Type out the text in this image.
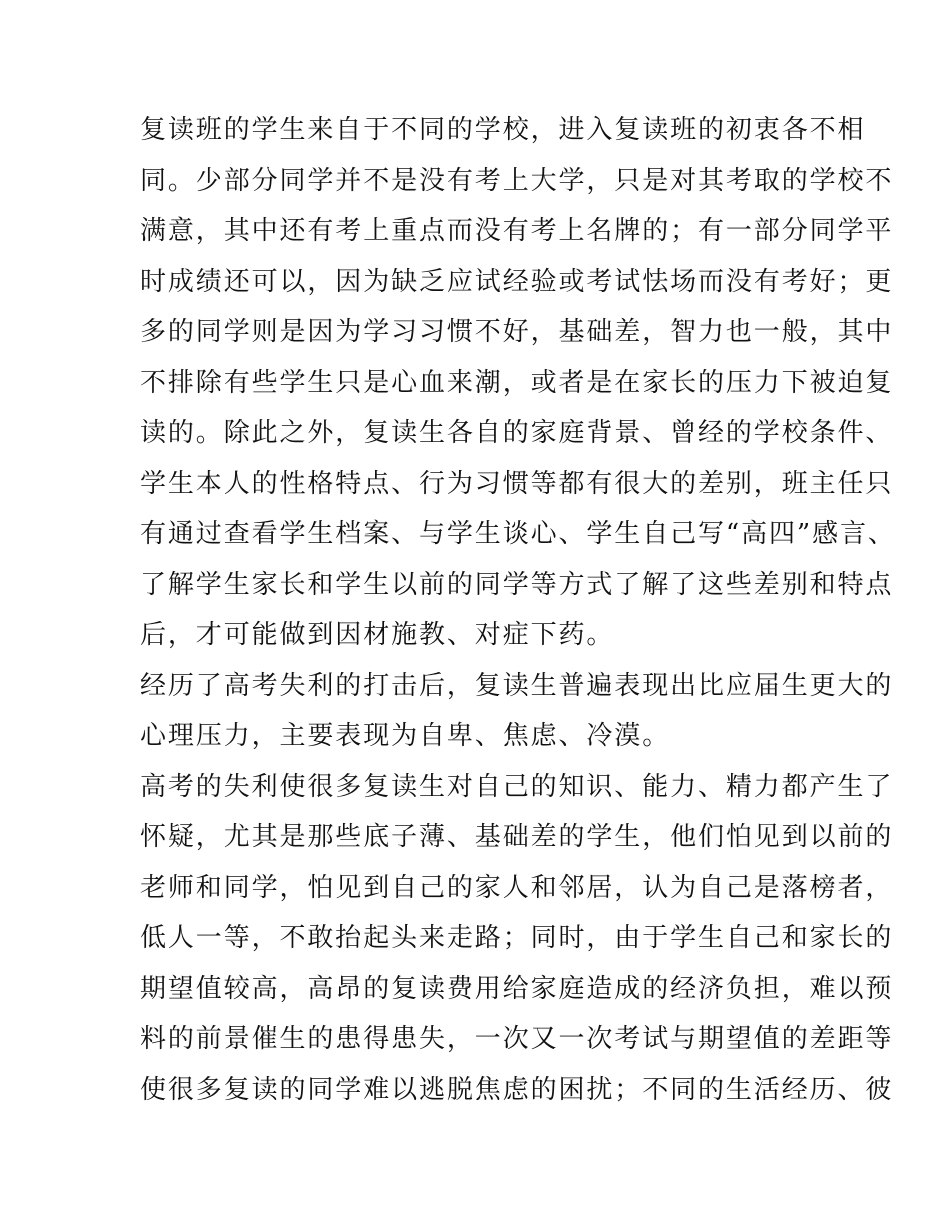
复读班的学生来自于不同的学校，进入复读班的初衷各不相
同。少部分同学并不是没有考上大学，只是对其考取的学校不
满意，其中还有考上重点而没有考上名牌的；有一部分同学平
时成绩还可以，因为缺乏应试经验或考试怯场而没有考好；更
多的同学则是因为学习习惯不好，基础差，智力也一般，其中
不排除有些学生只是心血来潮，或者是在家长的压力下被迫复
读的。除此之外，复读生各自的家庭背景、曾经的学校条件、
学生本人的性格特点、行为习惯等都有很大的差别，班主任只
有通过查看学生档案、与学生谈心、学生自己写“高四”感言、
了解学生家长和学生以前的同学等方式了解了这些差别和特点
后，才可能做到因材施教、对症下药。
经历了高考失利的打击后，复读生普遍表现出比应届生更大的
心理压力，主要表现为自卑、焦虑、冷漠。
高考的失利使很多复读生对自己的知识、能力、精力都产生了
怀疑，尤其是那些底子薄、基础差的学生，他们怕见到以前的
老师和同学，怕见到自己的家人和邻居，认为自己是落榜者，
低人一等，不敢抬起头来走路；同时，由于学生自己和家长的
期望值较高，高昂的复读费用给家庭造成的经济负担，难以预
料的前景催生的患得患失，一次又一次考试与期望值的差距等
使很多复读的同学难以逃脱焦虑的困扰；不同的生活经历、彼
